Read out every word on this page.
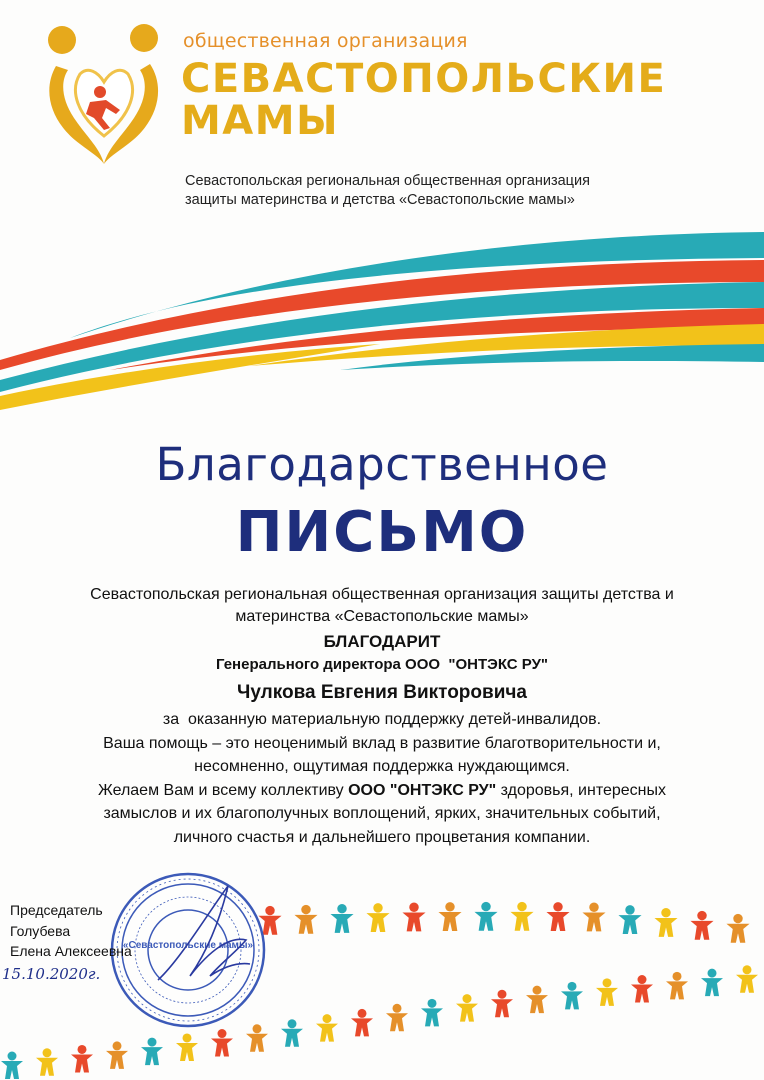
общественная организация
СЕВАСТОПОЛЬСКИЕ
МАМЫ
Севастопольская региональная общественная организация
защиты материнства и детства «Севастопольские мамы»
Благодарственное
ПИСЬМО
Севастопольская региональная общественная организация защиты детства и
материнства «Севастопольские мамы»
БЛАГОДАРИТ
Генерального директора ООО  "ОНТЭКС РУ"
Чулкова Евгения Викторовича
за  оказанную материальную поддержку детей-инвалидов.
Ваша помощь – это неоценимый вклад в развитие благотворительности и,
несомненно, ощутимая поддержка нуждающимся.
Желаем Вам и всему коллективу ООО "ОНТЭКС РУ" здоровья, интересных
замыслов и их благополучных воплощений, ярких, значительных событий,
личного счастья и дальнейшего процветания компании.
«Севастопольские мамы»
Председатель
Голубева
Елена Алексеевна
15.10.2020г.
